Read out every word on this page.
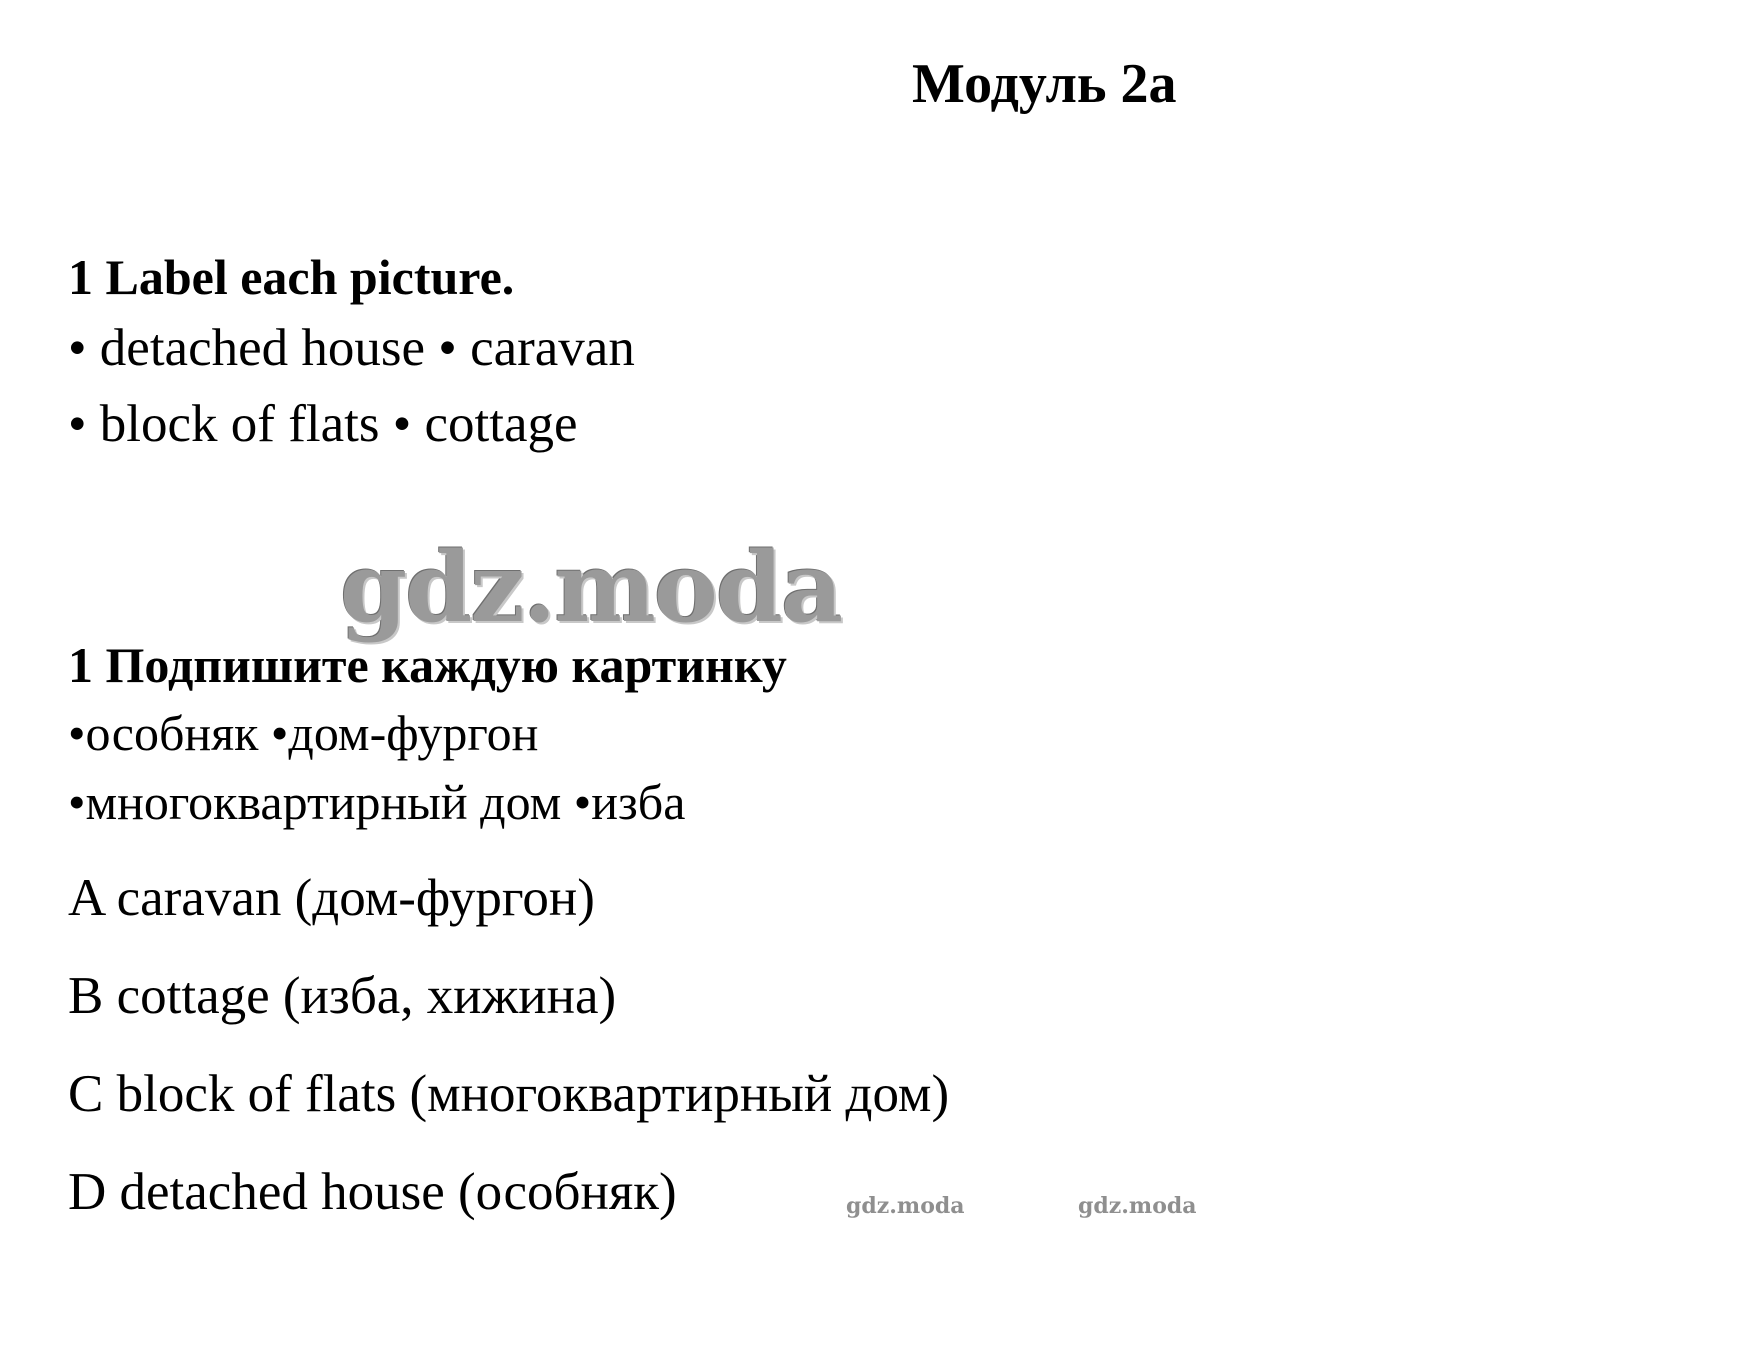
Модуль 2a
1 Label each picture.
• detached house • caravan
• block of flats • cottage
gdz.moda
1 Подпишите каждую картинку
•особняк •дом-фургон
•многоквартирный дом •изба
A caravan (дом-фургон)
B cottage (изба, хижина)
C block of flats (многоквартирный дом)
D detached house (особняк)	gdz.moda	gdz.moda
